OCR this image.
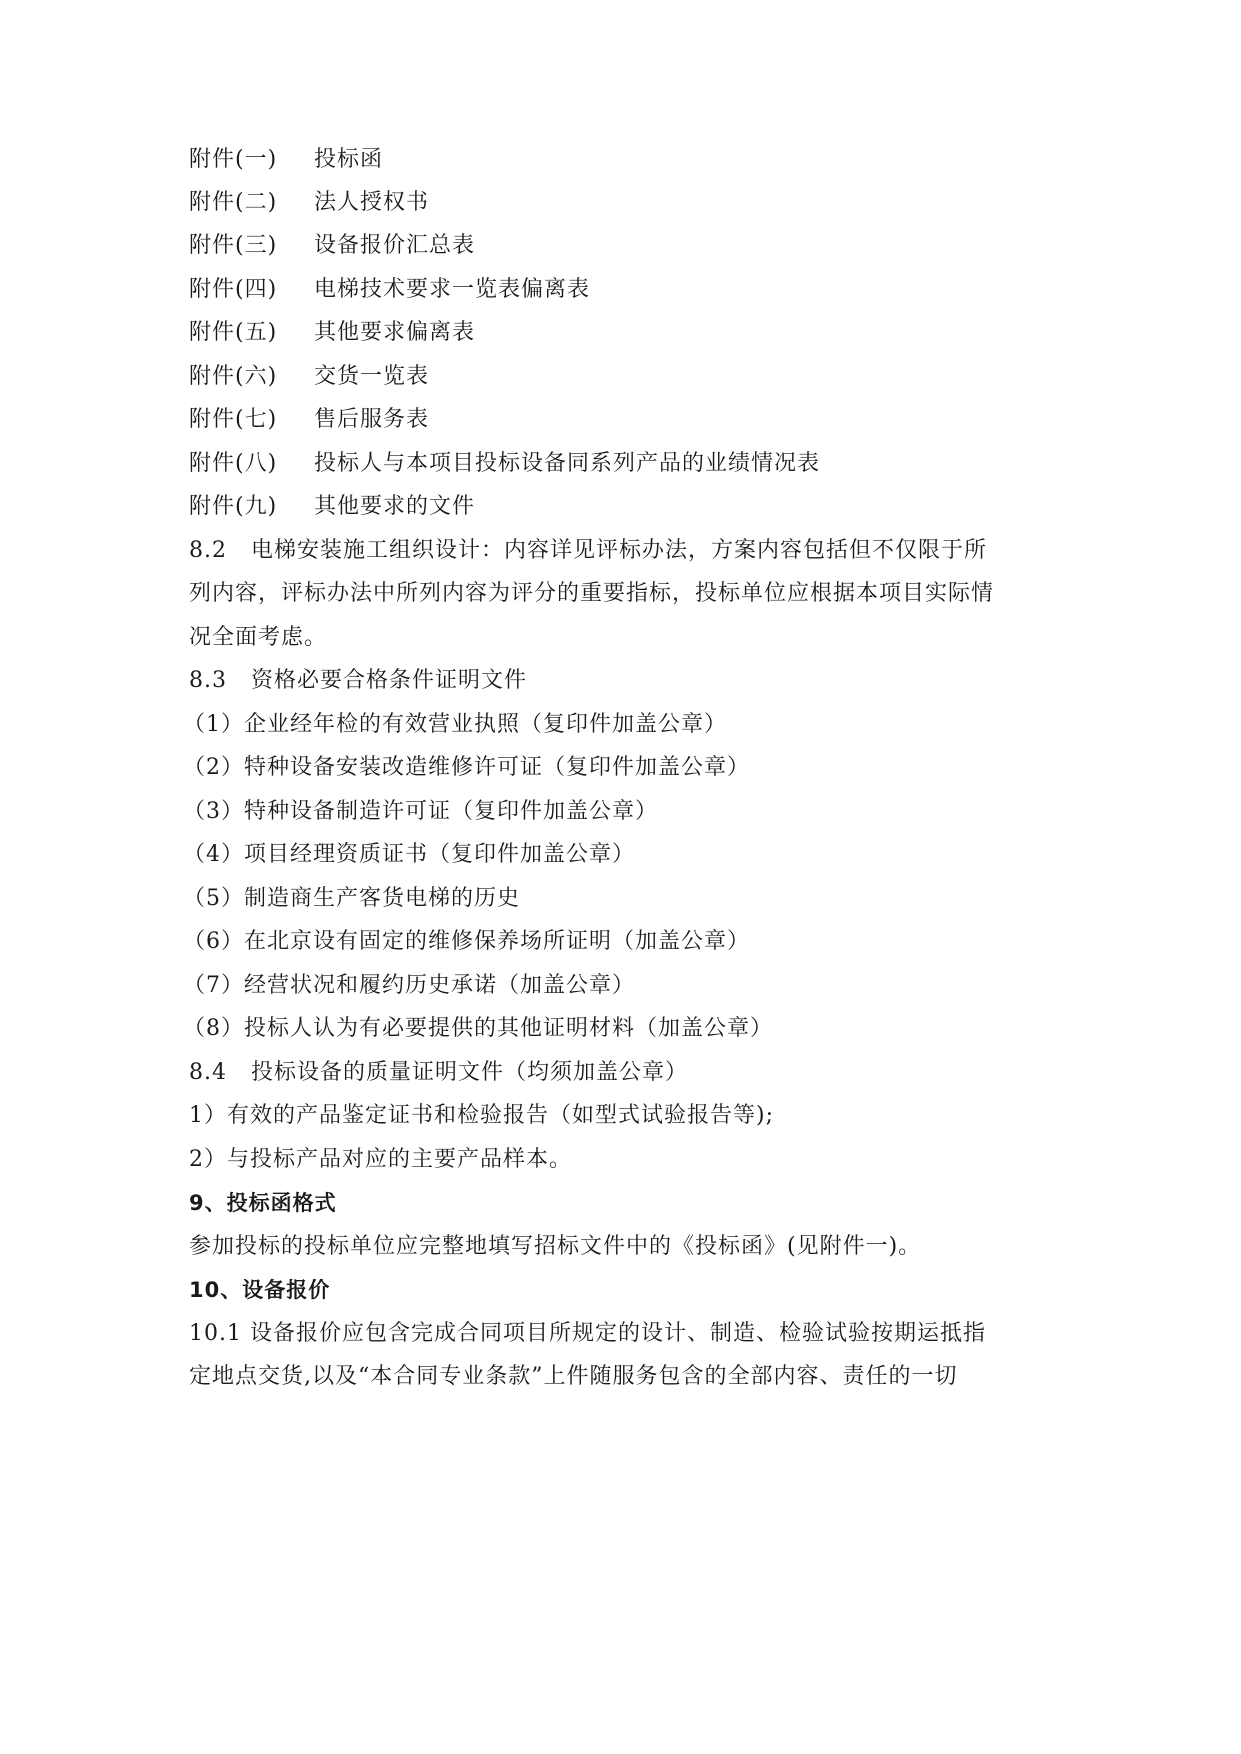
附件(一) 投标函
附件(二) 法人授权书
附件(三) 设备报价汇总表
附件(四) 电梯技术要求一览表偏离表
附件(五) 其他要求偏离表
附件(六) 交货一览表
附件(七) 售后服务表
附件(八) 投标人与本项目投标设备同系列产品的业绩情况表
附件(九) 其他要求的文件
8.2 电梯安装施工组织设计：内容详见评标办法，方案内容包括但不仅限于所
列内容，评标办法中所列内容为评分的重要指标，投标单位应根据本项目实际情
况全面考虑。
8.3 资格必要合格条件证明文件
（1）企业经年检的有效营业执照（复印件加盖公章）
（2）特种设备安装改造维修许可证（复印件加盖公章）
（3）特种设备制造许可证（复印件加盖公章）
（4）项目经理资质证书（复印件加盖公章）
（5）制造商生产客货电梯的历史
（6）在北京设有固定的维修保养场所证明（加盖公章）
（7）经营状况和履约历史承诺（加盖公章）
（8）投标人认为有必要提供的其他证明材料（加盖公章）
8.4 投标设备的质量证明文件（均须加盖公章）
1）有效的产品鉴定证书和检验报告（如型式试验报告等);
2）与投标产品对应的主要产品样本。
9、投标函格式
参加投标的投标单位应完整地填写招标文件中的《投标函》(见附件一)。
10、设备报价
10.1 设备报价应包含完成合同项目所规定的设计、制造、检验试验按期运抵指
定地点交货,以及“本合同专业条款”上件随服务包含的全部内容、责任的一切
